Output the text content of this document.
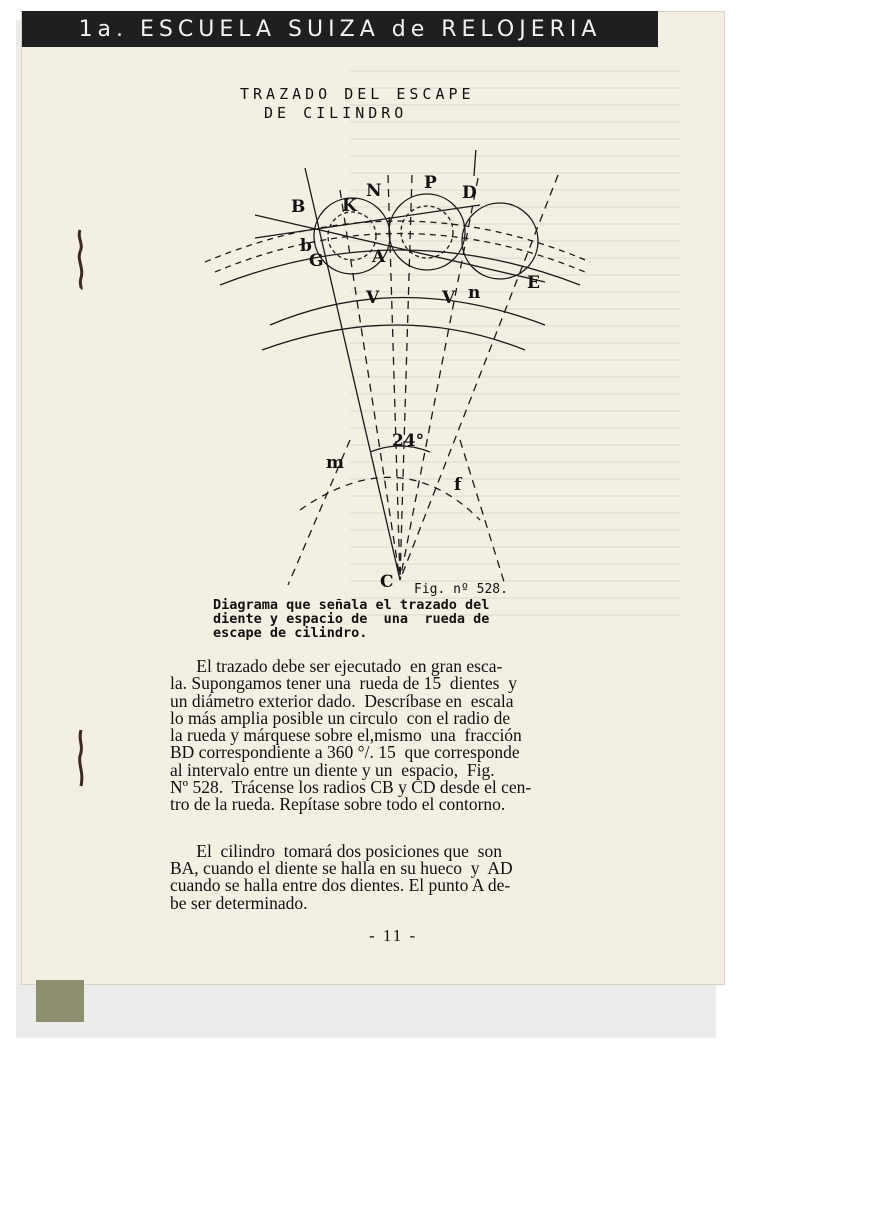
1a. ESCUELA SUIZA de RELOJERIA
TRAZADO DEL ESCAPE
DE CILINDRO
B K
N P D
b
G	A
E
V	V n
24°
m
f
C Fig. nº 528.

Diagrama que señala el trazado del

diente y espacio de  una  rueda de

escape de cilindro.

El trazado debe ser ejecutado  en gran esca-

la. Supongamos tener una  rueda de 15  dientes  y

un diámetro exterior dado.  Descríbase en  escala

lo más amplia posible un circulo  con el radio de

la rueda y márquese sobre el,mismo  una  fracción

BD correspondiente a 360 °/. 15  que corresponde

al intervalo entre un diente y un  espacio,  Fig.

Nº 528.  Trácense los radios CB y CD desde el cen-

tro de la rueda. Repítase sobre todo el contorno.

El  cilindro  tomará dos posiciones que  son

BA, cuando el diente se halla en su hueco  y  AD

cuando se halla entre dos dientes. El punto A de-

be ser determinado.

- 11 -
